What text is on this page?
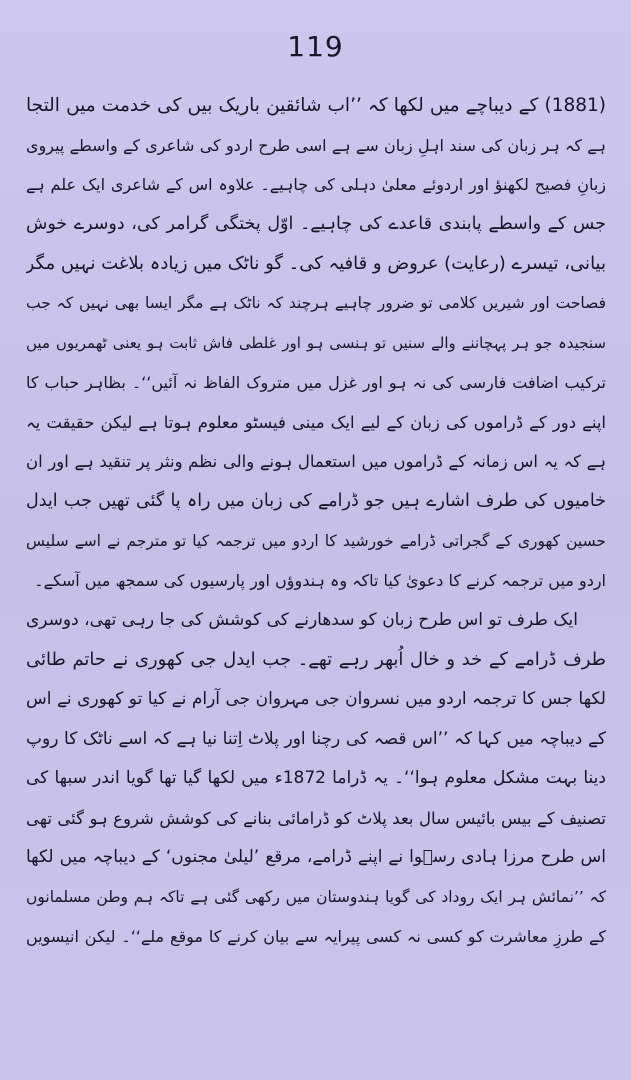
119
(1881) کے دیباچے میں لکھا کہ ’’اب شائقین باریک بیں کی خدمت میں التجا
ہے کہ ہر زبان کی سند اہلِ زبان سے ہے اسی طرح اردو کی شاعری کے واسطے پیروی
زبانِ فصیح لکھنؤ اور اردوئے معلیٰ دہلی کی چاہیے۔ علاوہ اس کے شاعری ایک علم ہے
جس کے واسطے پابندی قاعدے کی چاہیے۔ اوّل پختگی گرامر کی، دوسرے خوش
بیانی، تیسرے (رعایت) عروض و قافیہ کی۔ گو ناٹک میں زیادہ بلاغت نہیں مگر
فصاحت اور شیریں کلامی تو ضرور چاہیے ہرچند کہ ناٹک ہے مگر ایسا بھی نہیں کہ جب
سنجیدہ جو ہر پہچاننے والے سنیں تو ہنسی ہو اور غلطی فاش ثابت ہو یعنی ٹھمریوں میں
ترکیب اضافت فارسی کی نہ ہو اور غزل میں متروک الفاظ نہ آئیں‘‘۔ بظاہر حباب کا
اپنے دور کے ڈراموں کی زبان کے لیے ایک مینی فیسٹو معلوم ہوتا ہے لیکن حقیقت یہ
ہے کہ یہ اس زمانہ کے ڈراموں میں استعمال ہونے والی نظم ونثر پر تنقید ہے اور ان
خامیوں کی طرف اشارے ہیں جو ڈرامے کی زبان میں راہ پا گئی تھیں جب ایدل
حسین کھوری کے گجراتی ڈرامے خورشید کا اردو میں ترجمہ کیا تو مترجم نے اسے سلیس
اردو میں ترجمہ کرنے کا دعویٰ کیا تاکہ وہ ہندوؤں اور پارسیوں کی سمجھ میں آسکے۔
ایک طرف تو اس طرح زبان کو سدھارنے کی کوشش کی جا رہی تھی، دوسری
طرف ڈرامے کے خد و خال اُبھر رہے تھے۔ جب ایدل جی کھوری نے حاتم طائی
لکھا جس کا ترجمہ اردو میں نسروان جی مہروان جی آرام نے کیا تو کھوری نے اس
کے دیباچہ میں کہا کہ ’’اس قصہ کی رچنا اور پلاٹ اِتنا نیا ہے کہ اسے ناٹک کا روپ
دینا بہت مشکل معلوم ہوا‘‘۔ یہ ڈراما 1872ء میں لکھا گیا تھا گویا اندر سبھا کی
تصنیف کے بیس بائیس سال بعد پلاٹ کو ڈرامائی بنانے کی کوشش شروع ہو گئی تھی
اس طرح مرزا ہادی رسؔوا نے اپنے ڈرامے، مرقع ’لیلیٰ مجنوں‘ کے دیباچہ میں لکھا
کہ ’’نمائش ہر ایک روداد کی گویا ہندوستان میں رکھی گئی ہے تاکہ ہم وطن مسلمانوں
کے طرزِ معاشرت کو کسی نہ کسی پیرایہ سے بیان کرنے کا موقع ملے‘‘۔ لیکن انیسویں
